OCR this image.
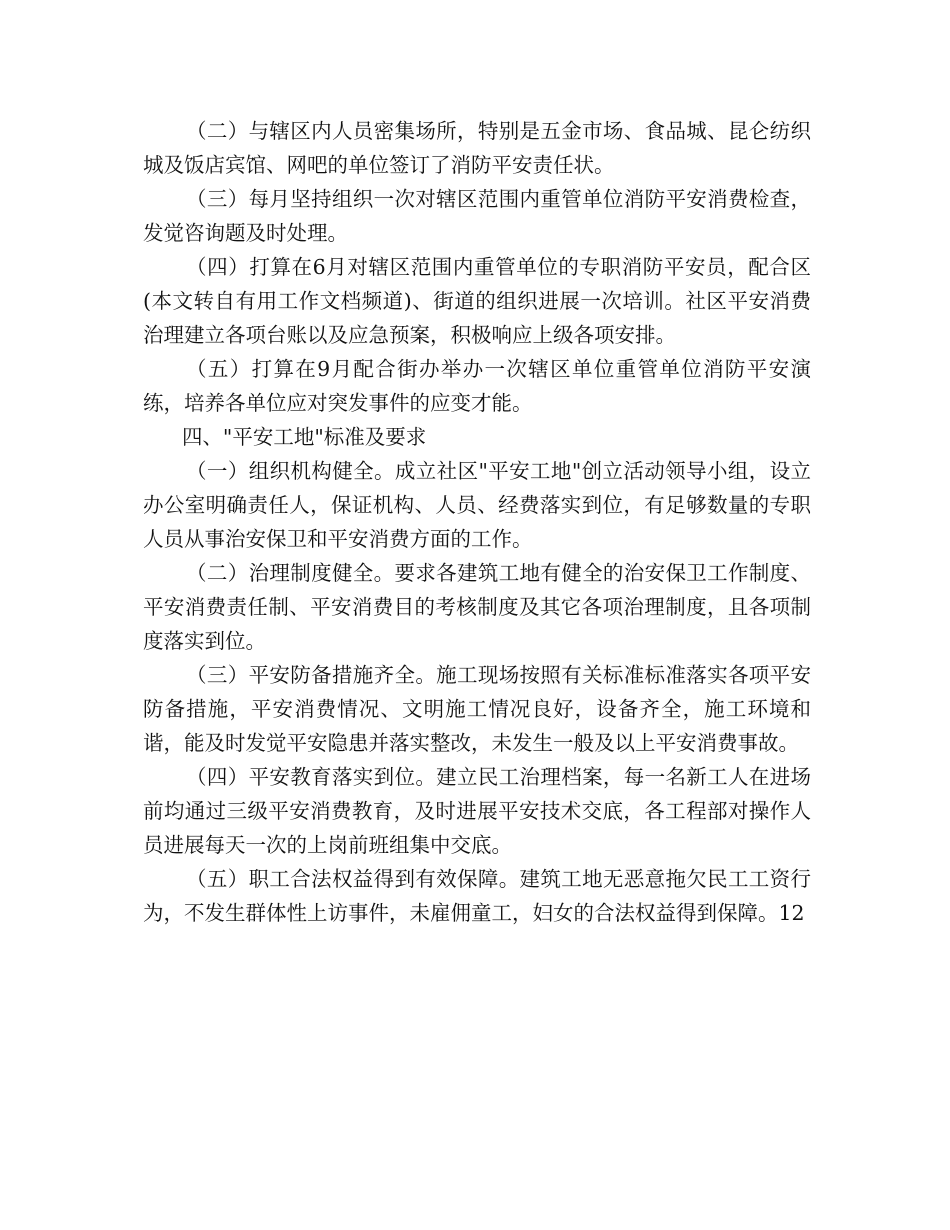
（二）与辖区内人员密集场所，特别是五金市场、食品城、昆仑纺织城及饭店宾馆、网吧的单位签订了消防平安责任状。

（三）每月坚持组织一次对辖区范围内重管单位消防平安消费检查，发觉咨询题及时处理。

（四）打算在6月对辖区范围内重管单位的专职消防平安员，配合区(本文转自有用工作文档频道)、街道的组织进展一次培训。社区平安消费治理建立各项台账以及应急预案，积极响应上级各项安排。

（五）打算在9月配合街办举办一次辖区单位重管单位消防平安演练，培养各单位应对突发事件的应变才能。

四、"平安工地"标准及要求

（一）组织机构健全。成立社区"平安工地"创立活动领导小组，设立办公室明确责任人，保证机构、人员、经费落实到位，有足够数量的专职人员从事治安保卫和平安消费方面的工作。

（二）治理制度健全。要求各建筑工地有健全的治安保卫工作制度、平安消费责任制、平安消费目的考核制度及其它各项治理制度，且各项制度落实到位。

（三）平安防备措施齐全。施工现场按照有关标准标准落实各项平安防备措施，平安消费情况、文明施工情况良好，设备齐全，施工环境和谐，能及时发觉平安隐患并落实整改，未发生一般及以上平安消费事故。

（四）平安教育落实到位。建立民工治理档案，每一名新工人在进场前均通过三级平安消费教育，及时进展平安技术交底，各工程部对操作人员进展每天一次的上岗前班组集中交底。

（五）职工合法权益得到有效保障。建筑工地无恶意拖欠民工工资行为，不发生群体性上访事件，未雇佣童工，妇女的合法权益得到保障。12
